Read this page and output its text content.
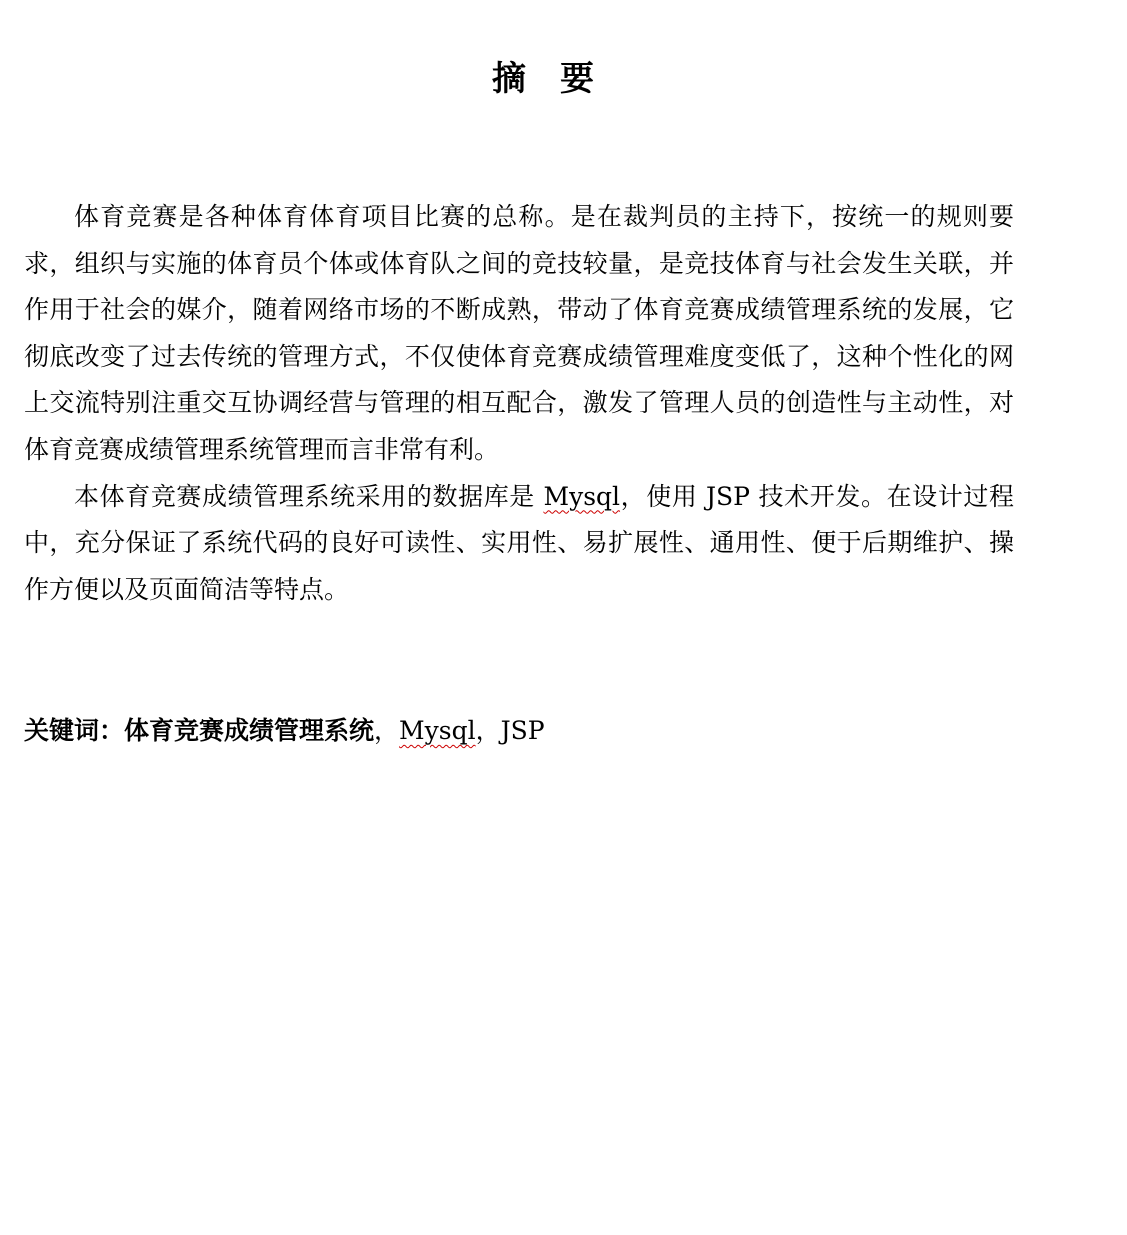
摘 要

体育竞赛是各种体育体育项目比赛的总称。是在裁判员的主持下，按统一的规则要求，组织与实施的体育员个体或体育队之间的竞技较量，是竞技体育与社会发生关联，并作用于社会的媒介，随着网络市场的不断成熟，带动了体育竞赛成绩管理系统的发展，它彻底改变了过去传统的管理方式，不仅使体育竞赛成绩管理难度变低了，这种个性化的网上交流特别注重交互协调经营与管理的相互配合，激发了管理人员的创造性与主动性，对体育竞赛成绩管理系统管理而言非常有利。

本体育竞赛成绩管理系统采用的数据库是 Mysql，使用 JSP 技术开发。在设计过程中，充分保证了系统代码的良好可读性、实用性、易扩展性、通用性、便于后期维护、操作方便以及页面简洁等特点。

关键词：体育竞赛成绩管理系统，Mysql，JSP
